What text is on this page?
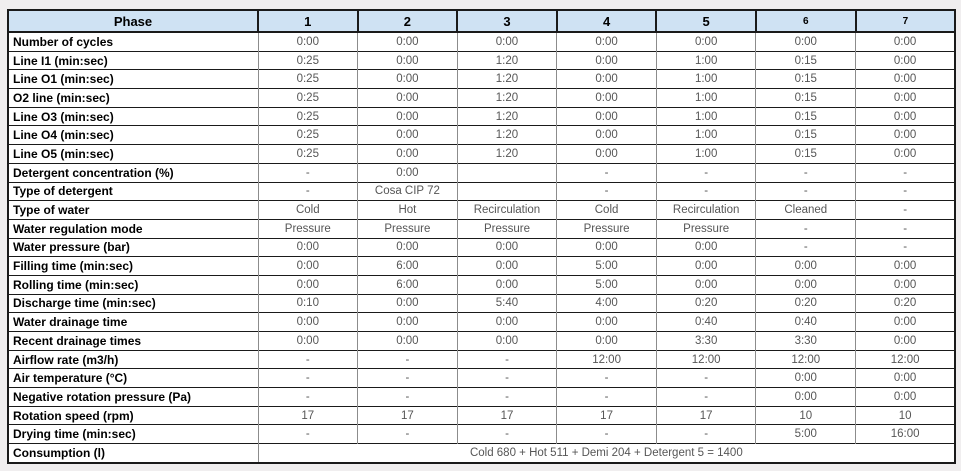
Phase	1	2	3	4	5	6	7
Number of cycles	0:00	0:00	0:00	0:00	0:00	0:00	0:00
Line I1 (min:sec)	0:25	0:00	1:20	0:00	1:00	0:15	0:00
Line O1 (min:sec)	0:25	0:00	1:20	0:00	1:00	0:15	0:00
O2 line (min:sec)	0:25	0:00	1:20	0:00	1:00	0:15	0:00
Line O3 (min:sec)	0:25	0:00	1:20	0:00	1:00	0:15	0:00
Line O4 (min:sec)	0:25	0:00	1:20	0:00	1:00	0:15	0:00
Line O5 (min:sec)	0:25	0:00	1:20	0:00	1:00	0:15	0:00
Detergent concentration (%)	-	0:00		-	-	-	-
Type of detergent	-	Cosa CIP 72		-	-	-	-
Type of water	Cold	Hot	Recirculation	Cold	Recirculation	Cleaned	-
Water regulation mode	Pressure	Pressure	Pressure	Pressure	Pressure	-	-
Water pressure (bar)	0:00	0:00	0:00	0:00	0:00	-	-
Filling time (min:sec)	0:00	6:00	0:00	5:00	0:00	0:00	0:00
Rolling time (min:sec)	0:00	6:00	0:00	5:00	0:00	0:00	0:00
Discharge time (min:sec)	0:10	0:00	5:40	4:00	0:20	0:20	0:20
Water drainage time	0:00	0:00	0:00	0:00	0:40	0:40	0:00
Recent drainage times	0:00	0:00	0:00	0:00	3:30	3:30	0:00
Airflow rate (m3/h)	-	-	-	12:00	12:00	12:00	12:00
Air temperature (°C)	-	-	-	-	-	0:00	0:00
Negative rotation pressure (Pa)	-	-	-	-	-	0:00	0:00
Rotation speed (rpm)	17	17	17	17	17	10	10
Drying time (min:sec)	-	-	-	-	-	5:00	16:00
Consumption (l)	Cold 680 + Hot 511 + Demi 204 + Detergent 5 = 1400						
